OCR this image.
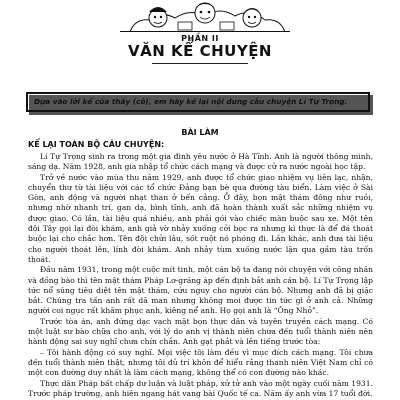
PHẦN II
VĂN KỂ CHUYỆN
Dựa vào lời kể của thầy (cô), em hãy kể lại nội dung câu chuyện Lí Tự Trọng.
BÀI LÀM
KỂ LẠI TOÀN BỘ CÂU CHUYỆN:

Lí Tự Trọng sinh ra trong một gia đình yêu nước ở Hà Tĩnh. Anh là người thông minh, sáng dạ. Năm 1928, anh gia nhập tổ chức cách mạng và được cử ra nước ngoài học tập.

Trở về nước vào mùa thu năm 1929, anh được tổ chức giao nhiệm vụ liên lạc, nhận, chuyển thư từ tài liệu với các tổ chức Đảng bạn bè qua đường tàu biển. Làm việc ở Sài Gòn, anh động và người nhạt than ở bến cảng. Ở đây, bọn mật thám đông như ruồi, nhưng nhờ nhanh trí, gan dạ, bình tĩnh, anh đã hoàn thành xuất sắc những nhiệm vụ được giao. Có lần, tài liệu quá nhiều, anh phải gói vào chiếc màn buộc sau xe. Một tên đội Tây gọi lại đòi khám, anh giả vờ nhảy xuống cởi bọc ra nhưng kì thực là để đá thoát buộc lại cho chắc hơn. Tên đội chửi lâu, sốt ruột nó phóng đi. Lần khác, anh đưa tài liệu cho người thoát lên, lính đòi khám. Anh nhảy tùm xuống nước lặn qua gầm tàu trốn thoát.

Đầu năm 1931, trong một cuộc mít tinh, một cán bộ ta đang nói chuyện với công nhân và đồng bào thì tên mật thám Pháp Lơ-grăng áp đến định bắt anh cán bộ. Lí Tự Trọng lập tức nổ súng tiêu diệt tên mật thám, cứu nguy cho người cán bộ. Nhưng anh đã bị giặc bắt. Chúng tra tấn anh rất dã man nhưng không moi được tin tức gì ở anh cả. Những người coi ngục rất khâm phục anh, kiêng nể anh. Họ gọi anh là “Ông Nhỏ”.

Trước tòa án, anh đứng dạc vạch mặt bọn thực dân và tuyên truyền cách mạng. Có một luật sư bào chữa cho anh, với lý do anh vị thành niên chưa đến tuổi thành niên nên hành động sai suy nghĩ chưa chín chắn. Anh gạt phắt và lên tiếng trước tòa:

– Tôi hành động có suy nghĩ. Mọi việc tôi làm đều vì mục đích cách mạng. Tôi chưa đến tuổi thành niên thật, nhưng tôi đủ trí khôn để hiểu rằng thanh niên Việt Nam chỉ có một con đường duy nhất là làm cách mạng, không thể có con đường nào khác.

Thực dân Pháp bất chấp dư luận và luật pháp, xử tử anh vào một ngày cuối năm 1931. Trước pháp trường, anh hiên ngang hát vang bài Quốc tế ca. Năm ấy anh vừa 17 tuổi đời.
